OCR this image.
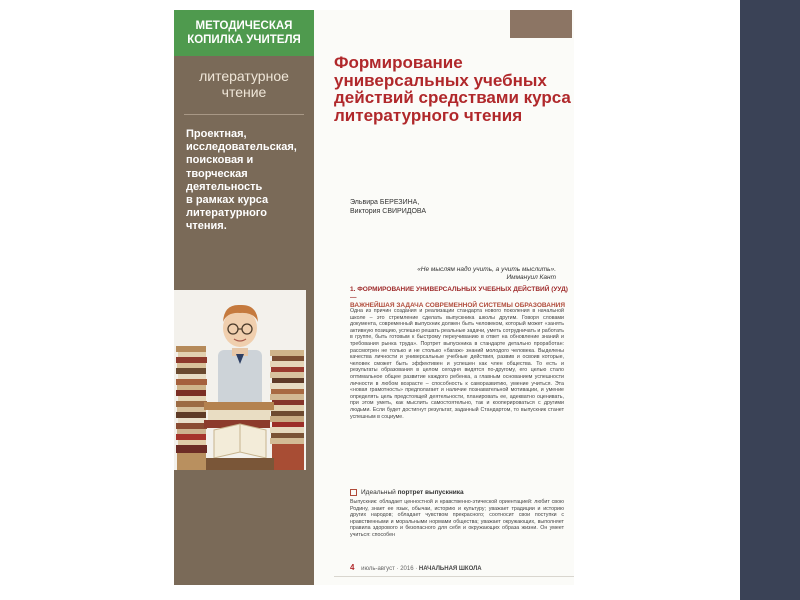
МЕТОДИЧЕСКАЯ
КОПИЛКА УЧИТЕЛЯ
литературное
чтение
Проектная,
исследовательская,
поисковая и
творческая
деятельность
в рамках курса
литературного
чтения.
Формирование универсальных учебных действий средствами курса литературного чтения
Эльвира БЕРЕЗИНА,
Виктория СВИРИДОВА
«Не мыслям надо учить, а учить мыслить».
Иммануил Кант
1. ФОРМИРОВАНИЕ УНИВЕРСАЛЬНЫХ УЧЕБНЫХ ДЕЙСТВИЙ (УУД) —
ВАЖНЕЙШАЯ ЗАДАЧА СОВРЕМЕННОЙ СИСТЕМЫ ОБРАЗОВАНИЯ
Одна из причин создания и реализации стандарта нового поколения в начальной школе – это стремление сделать выпускника школы другим. Говоря словами документа, современный выпускник должен быть человеком, который может «занять активную позицию, успешно решать реальные задачи, уметь сотрудничать и работать в группе, быть готовым к быстрому переучиванию в ответ на обновление знаний и требования рынка труда». Портрет выпускника в стандарте детально проработан: рассмотрен не только и не столько «багаж» знаний молодого человека. Выделены качества личности и универсальные учебные действия, развив и освоив которые, человек сможет быть эффективен и успешен как член общества. То есть и результаты образования в целом сегодня видятся по-другому, его целью стало оптимальное общее развитие каждого ребенка, а главным основанием успешности личности в любом возрасте – способность к саморазвитию, умение учиться. Эта «новая грамотность» предполагает и наличие познавательной мотивации, и умение определять цель предстоящей деятельности, планировать ее, адекватно оценивать, при этом уметь, как мыслить самостоятельно, так и кооперироваться с другими людьми. Если будет достигнут результат, заданный Стандартом, то выпускник станет успешным в социуме.
Идеальный портрет выпускника
Выпускник: обладает ценностной и нравственно-этической ориентацией: любит свою Родину, знает ее язык, обычаи, историю и культуру; уважает традиции и историю других народов; обладает чувством прекрасного; соотносит свои поступки с нравственными и моральными нормами общества; уважает окружающих, выполняет правила здорового и безопасного для себя и окружающих образа жизни. Он умеет учиться: способен
4 июль-август · 2016 · НАЧАЛЬНАЯ ШКОЛА
